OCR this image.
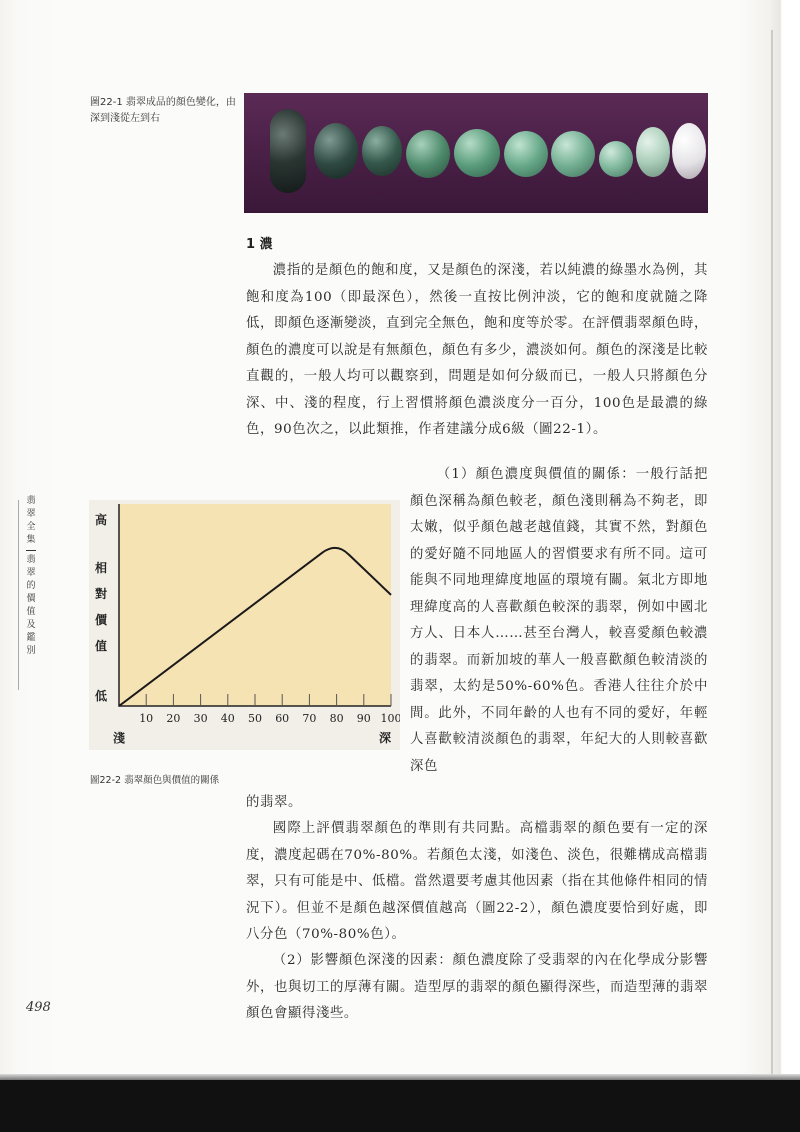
圖22-1 翡翠成品的顏色變化，由深到淺從左到右
1 濃

濃指的是顏色的飽和度，又是顏色的深淺，若以純濃的綠墨水為例，其飽和度為100（即最深色），然後一直按比例沖淡，它的飽和度就隨之降低，即顏色逐漸變淡，直到完全無色，飽和度等於零。在評價翡翠顏色時，顏色的濃度可以說是有無顏色，顏色有多少，濃淡如何。顏色的深淺是比較直觀的，一般人均可以觀察到，問題是如何分級而已，一般人只將顏色分深、中、淺的程度，行上習慣將顏色濃淡度分一百分，100色是最濃的綠色，90色次之，以此類推，作者建議分成6級（圖22-1）。

（1）顏色濃度與價值的關係：一般行話把顏色深稱為顏色較老，顏色淺則稱為不夠老，即太嫩，似乎顏色越老越值錢，其實不然，對顏色的愛好隨不同地區人的習慣要求有所不同。這可能與不同地理緯度地區的環境有關。氣北方即地理緯度高的人喜歡顏色較深的翡翠，例如中國北方人、日本人……甚至台灣人，較喜愛顏色較濃的翡翠。而新加坡的華人一般喜歡顏色較清淡的翡翠，太約是50%-60%色。香港人往往介於中間。此外，不同年齡的人也有不同的愛好，年輕人喜歡較清淡顏色的翡翠，年紀大的人則較喜歡深色

的翡翠。

國際上評價翡翠顏色的準則有共同點。高檔翡翠的顏色要有一定的深度，濃度起碼在70%-80%。若顏色太淺，如淺色、淡色，很難構成高檔翡翠，只有可能是中、低檔。當然還要考慮其他因素（指在其他條件相同的情況下）。但並不是顏色越深價值越高（圖22-2），顏色濃度要恰到好處，即八分色（70%-80%色）。

（2）影響顏色深淺的因素：顏色濃度除了受翡翠的內在化學成分影響外，也與切工的厚薄有關。造型厚的翡翠的顏色顯得深些，而造型薄的翡翠顏色會顯得淺些。

翡翠全集
翡翠的價值及鑑別
10 20 30 40 50 60 70 80 90 100
高
低
淺	深
相
對
價
值
圖22-2 翡翠顏色與價值的關係
498
